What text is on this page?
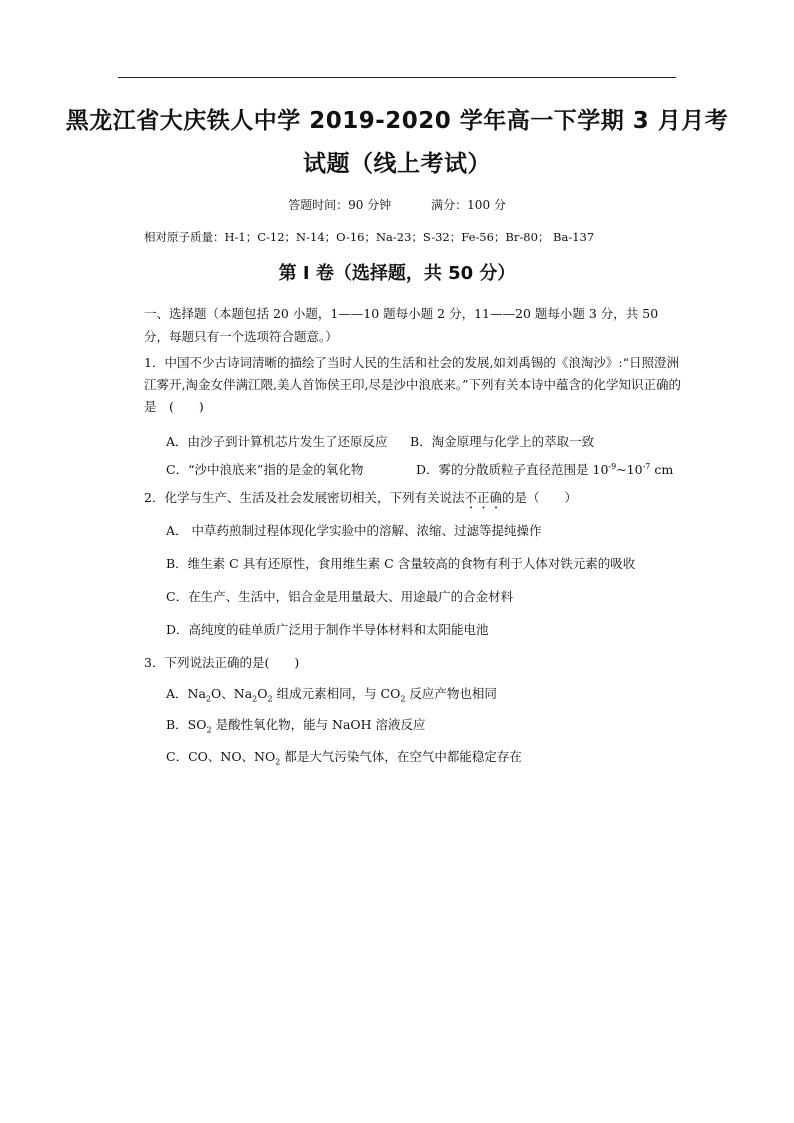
黑龙江省大庆铁人中学 2019-2020 学年高一下学期 3 月月考
试题（线上考试）
答题时间：90 分钟	满分：100 分
相对原子质量：H-1；C-12；N-14；O-16；Na-23；S-32；Fe-56；Br-80； Ba-137
第 I 卷（选择题，共 50 分）
一、选择题（本题包括 20 小题，1——10 题每小题 2 分，11——20 题每小题 3 分，共 50 分，每题只有一个选项符合题意。）
1．中国不少古诗词清晰的描绘了当时人民的生活和社会的发展,如刘禹锡的《浪淘沙》:“日照澄洲江雾开,淘金女伴满江隈,美人首饰侯王印,尽是沙中浪底来。”下列有关本诗中蕴含的化学知识正确的是　(　　)
A．由沙子到计算机芯片发生了还原反应 B．淘金原理与化学上的萃取一致
C．“沙中浪底来”指的是金的氧化物	D．雾的分散质粒子直径范围是 $10^{-9}\sim 10^{-7}$ cm
2．化学与生产、生活及社会发展密切相关，下列有关说法不正确的是（　　）
A． 中草药煎制过程体现化学实验中的溶解、浓缩、过滤等提纯操作
B．维生素 C 具有还原性，食用维生素 C 含量较高的食物有利于人体对铁元素的吸收
C．在生产、生活中，铝合金是用量最大、用途最广的合金材料
D．高纯度的硅单质广泛用于制作半导体材料和太阳能电池
3．下列说法正确的是(　　)
A．$Na_2O$、$Na_2O_2$ 组成元素相同，与 $CO_2$ 反应产物也相同
B．$SO_2$ 是酸性氧化物，能与 NaOH 溶液反应
C．CO、NO、$NO_2$ 都是大气污染气体，在空气中都能稳定存在
